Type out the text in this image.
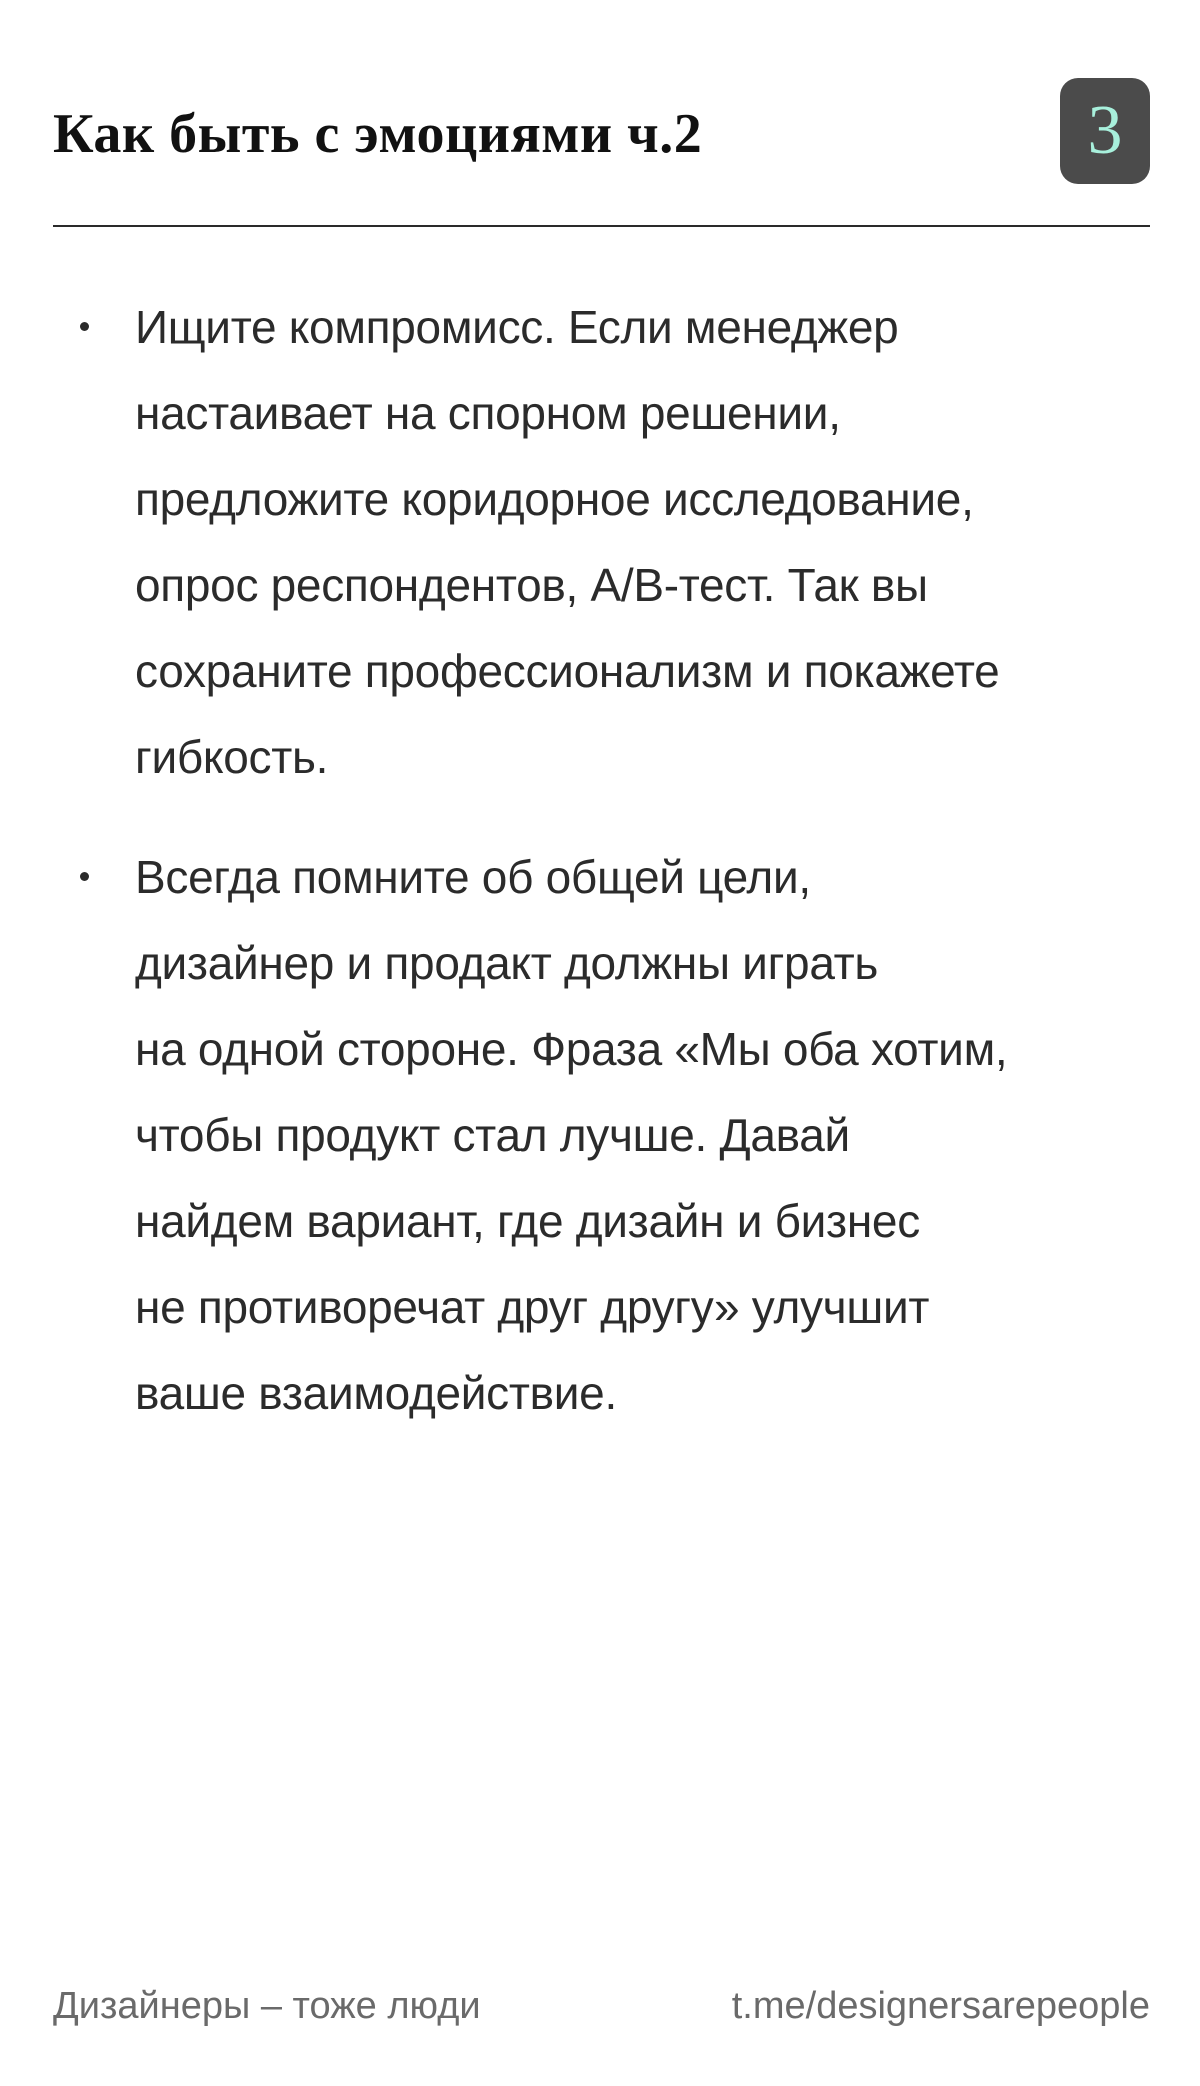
Как быть с эмоциями ч.2	3
Ищите компромисс. Если менеджер
настаивает на спорном решении,
предложите коридорное исследование,
опрос респондентов, A/B-тест. Так вы
сохраните профессионализм и покажете
гибкость.
Всегда помните об общей цели,
дизайнер и продакт должны играть
на одной стороне. Фраза «Мы оба хотим,
чтобы продукт стал лучше. Давай
найдем вариант, где дизайн и бизнес
не противоречат друг другу» улучшит
ваше взаимодействие.
Дизайнеры – тоже люди	t.me/designersarepeople
